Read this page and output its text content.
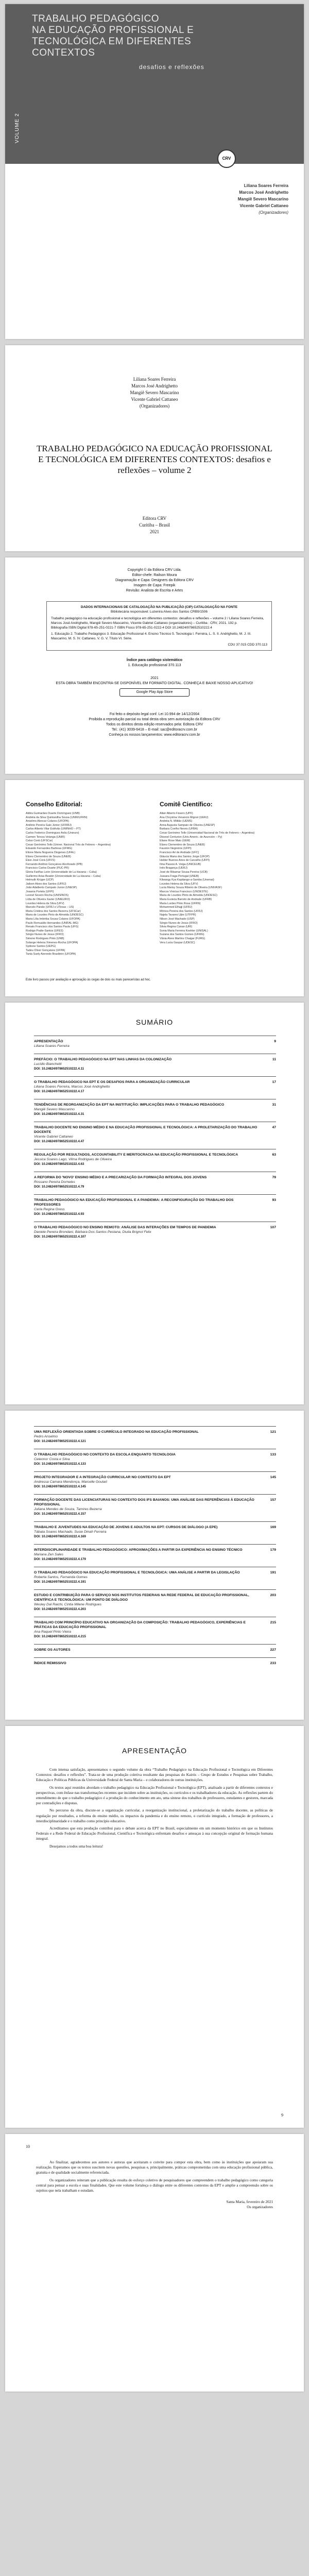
VOLUME 2
TRABALHO PEDAGÓGICO
NA EDUCAÇÃO PROFISSIONAL E
TECNOLÓGICA EM DIFERENTES
CONTEXTOS
desafios e reflexões
CRV
Liliana Soares Ferreira
Marcos José Andrighetto
Mangiê Severo Mascarino
Vicente Gabriel Cattaneo
(Organizadores)
Liliana Soares Ferreira
Marcos José Andrighetto
Mangiê Severo Mascarino
Vicente Gabriel Cattaneo
(Organizadores)
TRABALHO PEDAGÓGICO NA EDUCAÇÃO PROFISSIONAL E TECNOLÓGICA EM DIFERENTES CONTEXTOS: desafios e reflexões – volume 2
Editora CRV
Curitiba – Brasil
2021
Copyright © da Editora CRV Ltda.
Editor-chefe: Railson Moura
Diagramação e Capa: Designers da Editora CRV
Imagem de Capa: Freepik
Revisão: Analista de Escrita e Artes
DADOS INTERNACIONAIS DE CATALOGAÇÃO NA PUBLICAÇÃO (CIP) CATALOGAÇÃO NA FONTE
Bibliotecária responsável: Luzenira Alves dos Santos CRB9/1506
Trabalho pedagógico na educação profissional e tecnológica em diferentes contextos: desafios e reflexões – volume 2 / Liliana Soares Ferreira, Marcos José Andrighetto, Mangiê Severo Mascarino, Vicente Gabriel Cattaneo (organizadores) – Curitiba : CRV, 2021. 192 p.
Bibliografia ISBN Digital 978-65-251-0221-7 ISBN Físico 978-65-251-0222-4 DOI 10.24824/978652510222.4
1. Educação 2. Trabalho Pedagógico 3. Educação Profissional 4. Ensino Técnico 5. Tecnologia I. Ferreira, L. S. II. Andrighetto, M. J. III. Mascarino, M. S. IV. Cattaneo, V. G. V. Título VI. Série.
CDU 37.015 CDD 370.113
Índice para catálogo sistemático
1. Educação profissional 370.113
2021
ESTA OBRA TAMBÉM ENCONTRA-SE DISPONÍVEL EM FORMATO DIGITAL. CONHEÇA E BAIXE NOSSO APLICATIVO!
Google Play App Store
Foi feito o depósito legal conf. Lei 10.994 de 14/12/2004
Proibida a reprodução parcial ou total desta obra sem autorização da Editora CRV
Todos os direitos desta edição reservados pela: Editora CRV
Tel.: (41) 3039-6418 – E-mail: sac@editoracrv.com.br
Conheça os nossos lançamentos: www.editoracrv.com.br
Conselho Editorial:	Comitê Científico:
Aldira Guimarães Duarte Domínguez (UNB)
Andréia da Silva Quintanilha Sousa (UNIR/UFRN)
Anselmo Alencar Colares (UFOPA)
Antônio Pereira Gaio Júnior (UFRRJ)
Carlos Alberto Vilar Estêvão (UMINHO – PT)
Carlos Federico Dominguez Avila (Unieuro)
Carmen Tereza Velanga (UNIR)
Celso Conti (UFSCar)
Cesar Gerónimo Tello (Univer. Nacional Três de Febrero – Argentina)
Eduardo Fernandes Barbosa (UFMG)
Elione Maria Nogueira Diogenes (UFAL)
Elizeu Clementino de Souza (UNEB)
Élsio José Corá (UFFS)
Fernando Antônio Gonçalves Alcoforado (IPB)
Francisco Carlos Duarte (PUC-PR)
Gloria Fariñas León (Universidade de La Havana – Cuba)
Guillermo Arias Beatón (Universidade de La Havana – Cuba)
Helmuth Krüger (UCP)
Jailson Alves dos Santos (UFRJ)
João Adalberto Campato Junior (UNESP)
Josania Portela (UFPI)
Leonel Severo Rocha (UNISINOS)
Lídia de Oliveira Xavier (UNIEURO)
Lourdes Helena da Silva (UFV)
Marcelo Paixão (UFRJ e UTexas – US)
Maria Cristina dos Santos Bezerra (UFSCar)
Maria de Lourdes Pinto de Almeida (UNOESC)
Maria Lília Imbiriba Sousa Colares (UFOPA)
Paulo Romualdo Hernandes (UNIFAL-MG)
Renato Francisco dos Santos Paula (UFG)
Rodrigo Pratte-Santos (UFES)
Sérgio Nunes de Jesus (IFRO)
Simone Rodrigues Pinto (UNB)
Solange Helena Ximenes-Rocha (UFOPA)
Sydione Santos (UEPG)
Tadeu Oliver Gonçalves (UFPA)
Tania Suely Azevedo Brasileiro (UFOPA)
Altair Alberto Fávero (UPF)
Ana Chrystina Venancio Mignot (UERJ)
Andréia N. Militão (UEMS)
Anna Augusta Sampaio de Oliveira (UNESP)
Barbara Coelho Neves (UFBA)
Cesar Gerónimo Tello (Universidad Nacional de Três de Febrero – Argentina)
Diosnel Centurion (Univ Americ. de Asunción – Py)
Eliane Rose Maio (UEM)
Elizeu Clementino de Souza (UNEB)
Fauston Negreiros (UFPI)
Francisco Ari de Andrade (UFC)
Gláucia Maria dos Santos Jorge (UFOP)
Helder Buenos Aires de Carvalho (UFPI)
Ilma Passos A. Veiga (UNICEUB)
Inês Bragança (UERJ)
José de Ribamar Sousa Pereira (UCB)
Jussara Fraga Portugal (UNEB)
Kilwangy Kya Kapitango-a-Samba (Unemat)
Lourdes Helena da Silva (UFV)
Lucia Marisy Souza Ribeiro de Oliveira (UNIVASF)
Marcos Vinicius Francisco (UNOESTE)
Maria de Lourdes Pinto de Almeida (UNOESC)
Maria Eurácia Barreto de Andrade (UFRB)
Maria Lurdes Pinto Rosa (UFRN)
Mohammed Elhajji (UFRJ)
Mônica Pereira dos Santos (UFRJ)
Najela Tavares Ujiie (UTFPR)
Nilson José Machado (USP)
Sérgio Nunes de Jesus (IFRO)
Silvia Regina Canan (URI)
Sonia Maria Ferreira Koehler (UNISAL)
Suzana dos Santos Gomes (UFMG)
Vânia Alves Martins Chaigar (FURG)
Vera Lucia Gaspar (UDESC)
Este livro passou por avaliação e aprovação às cegas de dois ou mais pareceristas ad hoc.
SUMÁRIO
APRESENTAÇÃO
Liliana Soares Ferreira
9
PREFÁCIO: O TRABALHO PEDAGÓGICO NA EPT NAS LINHAS DA COLONIZAÇÃO
Lucídio Bianchetti
DOI: 10.24824/978652510222.4.11
11
O TRABALHO PEDAGÓGICO NA EPT E OS DESAFIOS PARA A ORGANIZAÇÃO CURRICULAR
Liliana Soares Ferreira, Marcos José Andrighetto
DOI: 10.24824/978652510222.4.17
17
TENDÊNCIAS DE REORGANIZAÇÃO DA EPT NA INSTITUIÇÃO: IMPLICAÇÕES PARA O TRABALHO PEDAGÓGICO
Mangiê Severo Mascarino
DOI: 10.24824/978652510222.4.31
31
TRABALHO DOCENTE NO ENSINO MÉDIO E NA EDUCAÇÃO PROFISSIONAL E TECNOLÓGICA: A PROLETARIZAÇÃO DO TRABALHO DOCENTE
Vicente Gabriel Cattaneo
DOI: 10.24824/978652510222.4.47
47
REGULAÇÃO POR RESULTADOS, ACCOUNTABILITY E MERITOCRACIA NA EDUCAÇÃO PROFISSIONAL E TECNOLÓGICA
Jessica Soares Lago, Vilma Rodrigues de Oliveira
DOI: 10.24824/978652510222.4.63
63
A REFORMA DO 'NOVO' ENSINO MÉDIO E A PRECARIZAÇÃO DA FORMAÇÃO INTEGRAL DOS JOVENS
Rossano Pereira Dorneles
DOI: 10.24824/978652510222.4.79
79
TRABALHO PEDAGÓGICO NA EDUCAÇÃO PROFISSIONAL E A PANDEMIA: A RECONFIGURAÇÃO DO TRABALHO DOS PROFESSORES
Carla Regina Gress
DOI: 10.24824/978652510222.4.93
93
O TRABALHO PEDAGÓGICO NO ENSINO REMOTO: ANÁLISE DAS INTERAÇÕES EM TEMPOS DE PANDEMIA
Daniele Pereira Brondani, Bárbara Dos Santos Pestana, Diulia Brignol Felix
DOI: 10.24824/978652510222.4.107
107
UMA REFLEXÃO ORIENTADA SOBRE O CURRÍCULO INTEGRADO NA EDUCAÇÃO PROFISSIONAL
Pedro Anselmo
DOI: 10.24824/978652510222.4.121
121
O TRABALHO PEDAGÓGICO NO CONTEXTO DA ESCOLA ENQUANTO TECNOLOGIA
Celeonor Costa e Silva
DOI: 10.24824/978652510222.4.133
133
PROJETO INTEGRADOR E A INTEGRAÇÃO CURRICULAR NO CONTEXTO DA EPT
Andressa Camara Mendonça, Marcelle Goulart
DOI: 10.24824/978652510222.4.145
145
FORMAÇÃO DOCENTE DAS LICENCIATURAS NO CONTEXTO DOS IFS BAIANOS: UMA ANÁLISE DAS REFERÊNCIAS À EDUCAÇÃO PROFISSIONAL
Juliana Mendes de Souza, Tamires Bezerra
DOI: 10.24824/978652510222.4.157
157
TRABALHO E JUVENTUDES NA EDUCAÇÃO DE JOVENS E ADULTOS NA EPT: CURSOS DE DIÁLOGO (A EPE)
Tábata Soares Machado, Susie Dinah Ferreira
DOI: 10.24824/978652510222.4.169
169
INTERDISCIPLINARIDADE E TRABALHO PEDAGÓGICO: APROXIMAÇÕES A PARTIR DA EXPERIÊNCIA NO ENSINO TÉCNICO
Mariana Zen Sales
DOI: 10.24824/978652510222.4.179
179
O TRABALHO PEDAGÓGICO NA EDUCAÇÃO PROFISSIONAL E TECNOLÓGICA: UMA ANÁLISE A PARTIR DA LEGISLAÇÃO
Roberta Santos, Fernanda Gomes
DOI: 10.24824/978652510222.4.191
191
ESTUDO E CONTRIBUIÇÃO PARA O SERVIÇO NOS INSTITUTOS FEDERAIS NA REDE FEDERAL DE EDUCAÇÃO PROFISSIONAL, CIENTÍFICA E TECNOLÓGICA: UM PONTO DE DIÁLOGO
Wesley Dal Raichi, Cintia Milene Rodrigues
DOI: 10.24824/978652510222.4.203
203
TRABALHO COM PRINCÍPIO EDUCATIVO NA ORGANIZAÇÃO DA COMPOSIÇÃO: TRABALHO PEDAGÓGICO, EXPERIÊNCIAS E PRÁTICAS DA EDUCAÇÃO PROFISSIONAL
Ana Raquel Pinto Vieira
DOI: 10.24824/978652510222.4.215
215
SOBRE OS AUTORES	227
ÍNDICE REMISSIVO	233
APRESENTAÇÃO

Com intensa satisfação, apresentamos o segundo volume da obra “Trabalho Pedagógico na Educação Profissional e Tecnológica em Diferentes Contextos: desafios e reflexões”. Trata-se de uma produção coletiva resultante das pesquisas do Kairós – Grupo de Estudos e Pesquisas sobre Trabalho, Educação e Políticas Públicas da Universidade Federal de Santa Maria – e colaboradores de outras instituições.

Os textos aqui reunidos abordam o trabalho pedagógico na Educação Profissional e Tecnológica (EPT), analisado a partir de diferentes contextos e perspectivas, com ênfase nas transformações recentes que incidem sobre as instituições, os currículos e os trabalhadores da educação. As reflexões partem do entendimento de que o trabalho pedagógico é a produção do conhecimento em ato, uma síntese dos trabalhos de professores, estudantes e gestores, marcada por contradições e disputas.

No percurso da obra, discute-se a organização curricular, a reorganização institucional, a proletarização do trabalho docente, as políticas de regulação por resultados, a reforma do ensino médio, os impactos da pandemia e do ensino remoto, o currículo integrado, a formação de professores, a interdisciplinaridade e o trabalho como princípio educativo.

Acreditamos que esta produção contribui para o debate acerca da EPT no Brasil, especialmente em um momento histórico em que os Institutos Federais e a Rede Federal de Educação Profissional, Científica e Tecnológica enfrentam desafios e ameaças à sua concepção original de formação humana integral.

Desejamos a todos uma boa leitura!

9
10

Ao finalizar, agradecemos aos autores e autoras que aceitaram o convite para compor esta obra, bem como às instituições que apoiaram sua realização. Esperamos que os textos suscitem novas questões, pesquisas e, principalmente, práticas comprometidas com uma educação profissional pública, gratuita e de qualidade socialmente referenciada.

Os organizadores reiteram que a publicação resulta do esforço coletivo de pesquisadores que compreendem o trabalho pedagógico como categoria central para pensar a escola e suas finalidades. Que este volume fortaleça o diálogo entre os diferentes contextos da EPT e amplie a compreensão sobre os sujeitos que nela trabalham e estudam.

Santa Maria, fevereiro de 2021
Os organizadores
